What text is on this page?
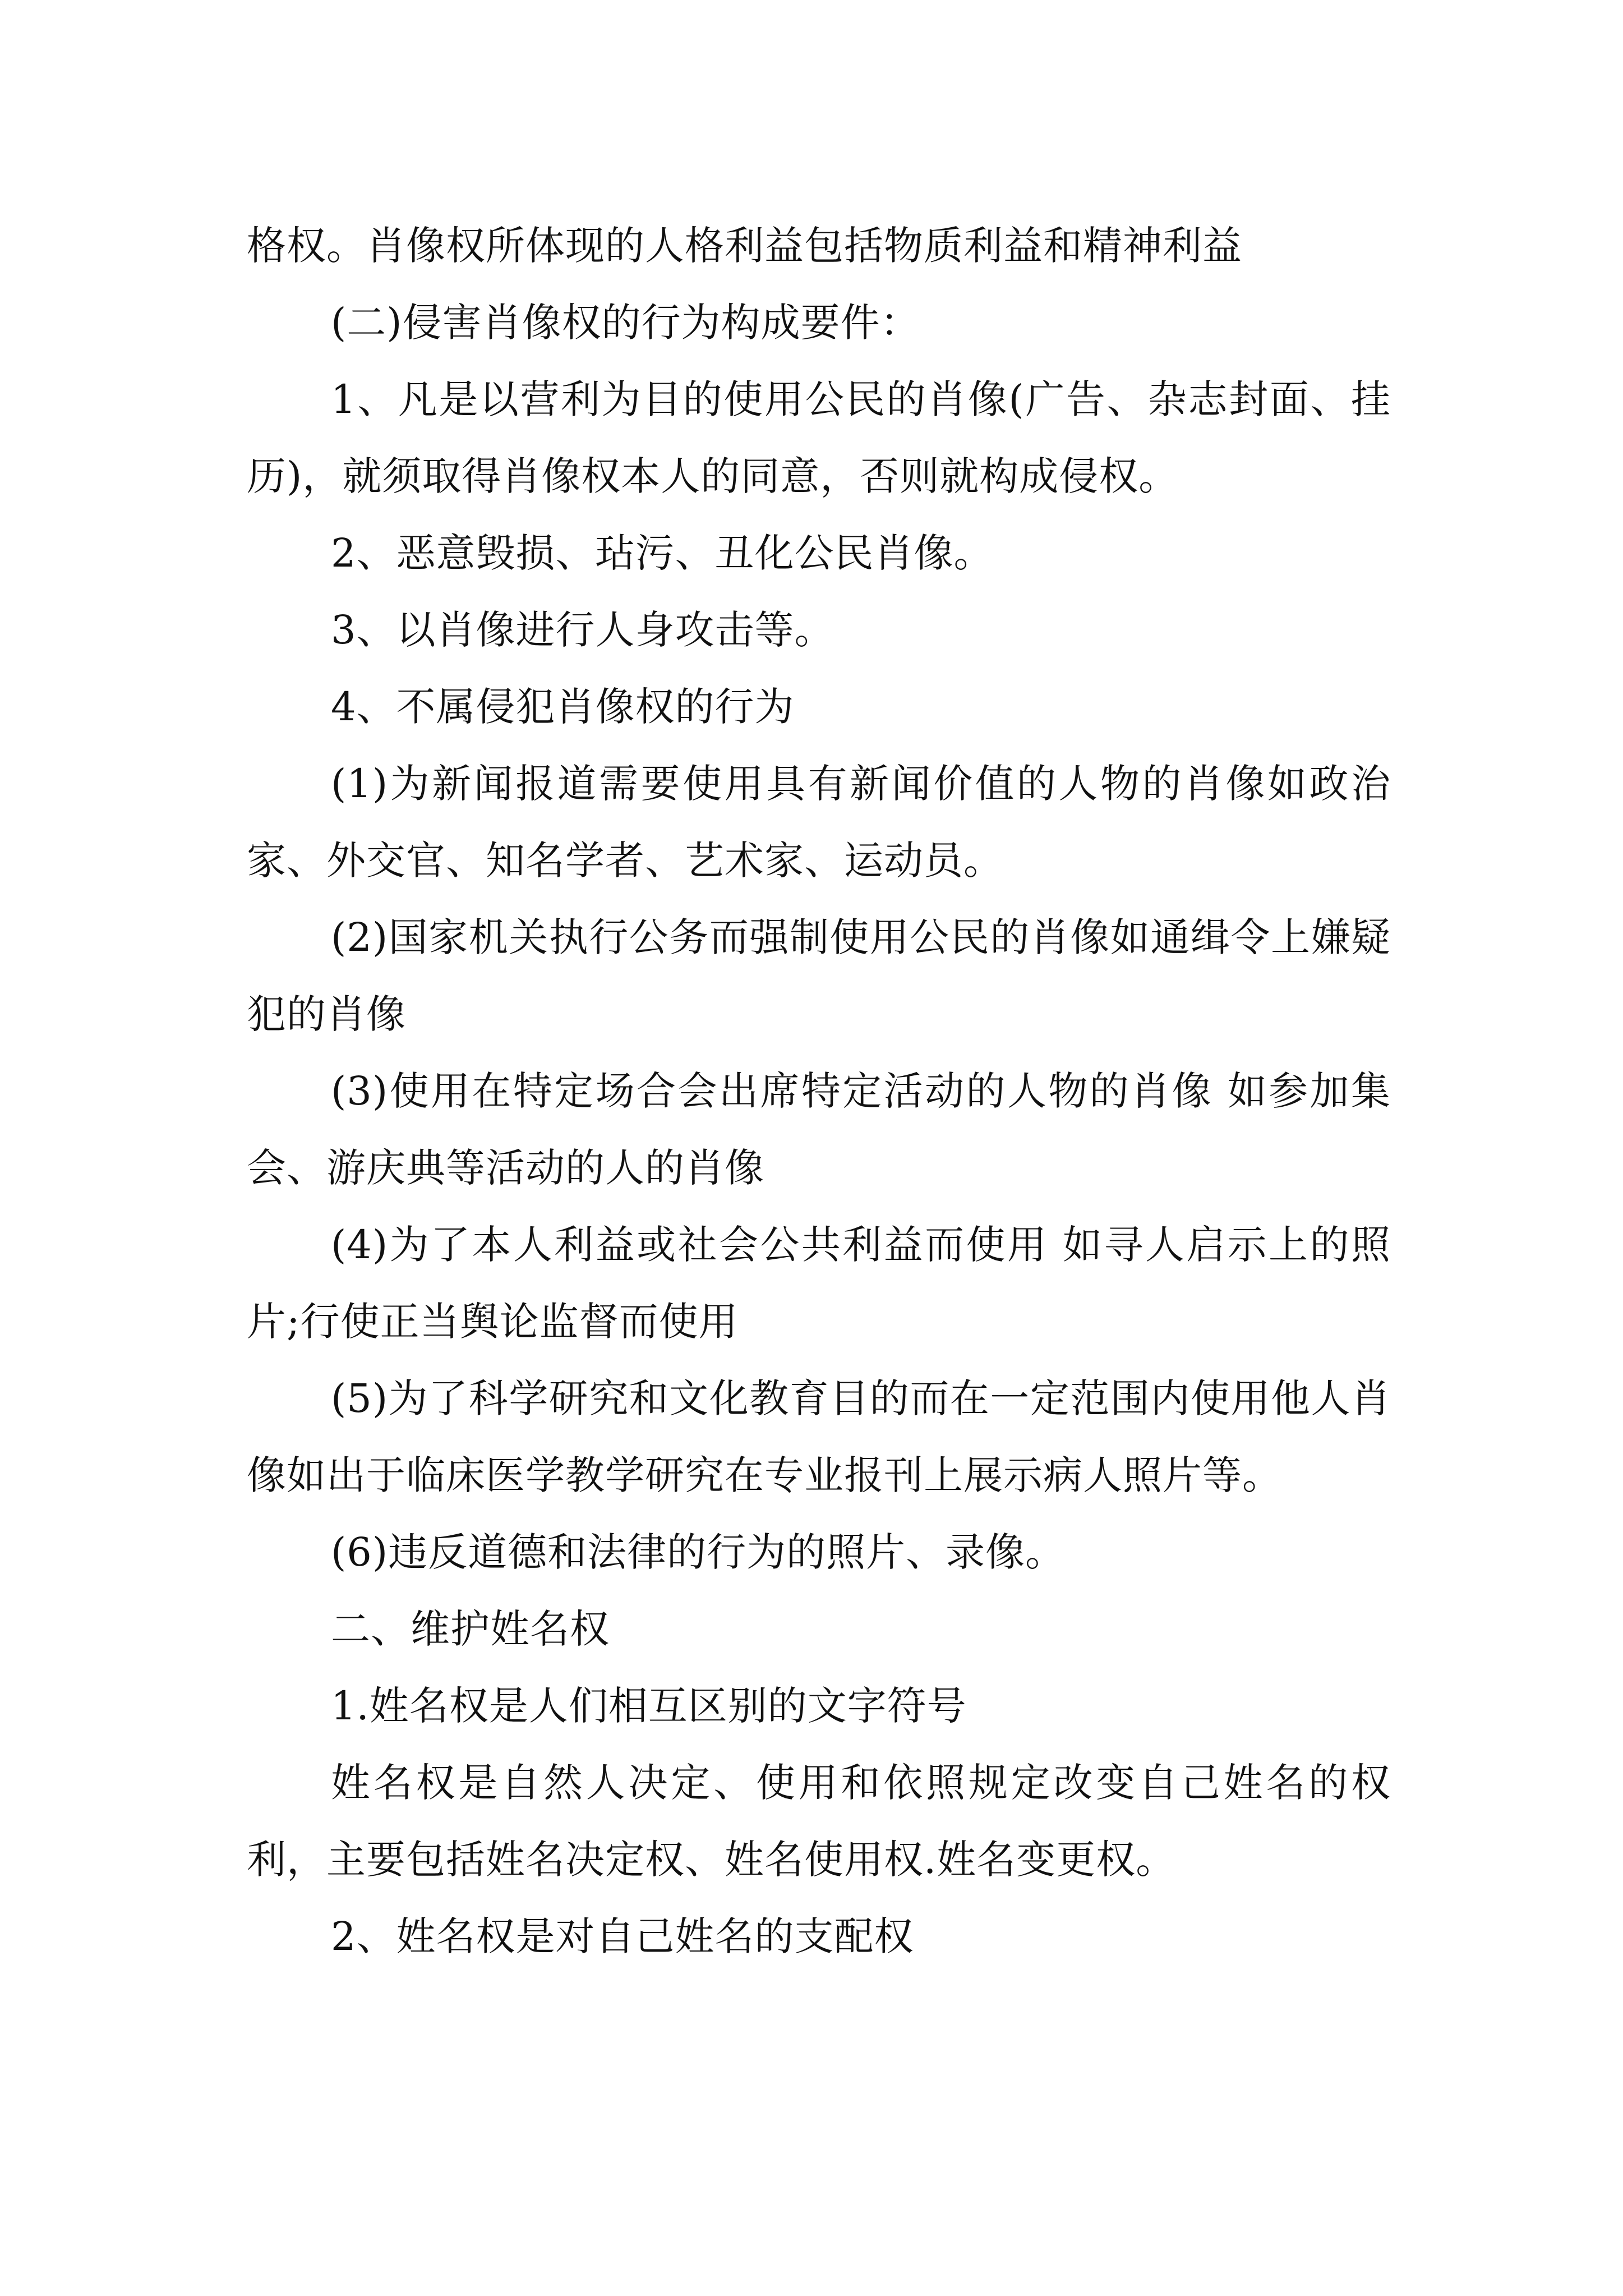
格权。肖像权所体现的人格利益包括物质利益和精神利益

(二)侵害肖像权的行为构成要件：

1、凡是以营利为目的使用公民的肖像(广告、杂志封面、挂历)，就须取得肖像权本人的同意，否则就构成侵权。

2、恶意毁损、玷污、丑化公民肖像。

3、以肖像进行人身攻击等。

4、不属侵犯肖像权的行为

(1)为新闻报道需要使用具有新闻价值的人物的肖像如政治家、外交官、知名学者、艺术家、运动员。

(2)国家机关执行公务而强制使用公民的肖像如通缉令上嫌疑犯的肖像

(3)使用在特定场合会出席特定活动的人物的肖像 如参加集会、游庆典等活动的人的肖像

(4)为了本人利益或社会公共利益而使用 如寻人启示上的照片;行使正当舆论监督而使用

(5)为了科学研究和文化教育目的而在一定范围内使用他人肖像如出于临床医学教学研究在专业报刊上展示病人照片等。

(6)违反道德和法律的行为的照片、录像。

二、维护姓名权

1.姓名权是人们相互区别的文字符号

姓名权是自然人决定、使用和依照规定改变自己姓名的权利，主要包括姓名决定权、姓名使用权.姓名变更权。

2、姓名权是对自己姓名的支配权
